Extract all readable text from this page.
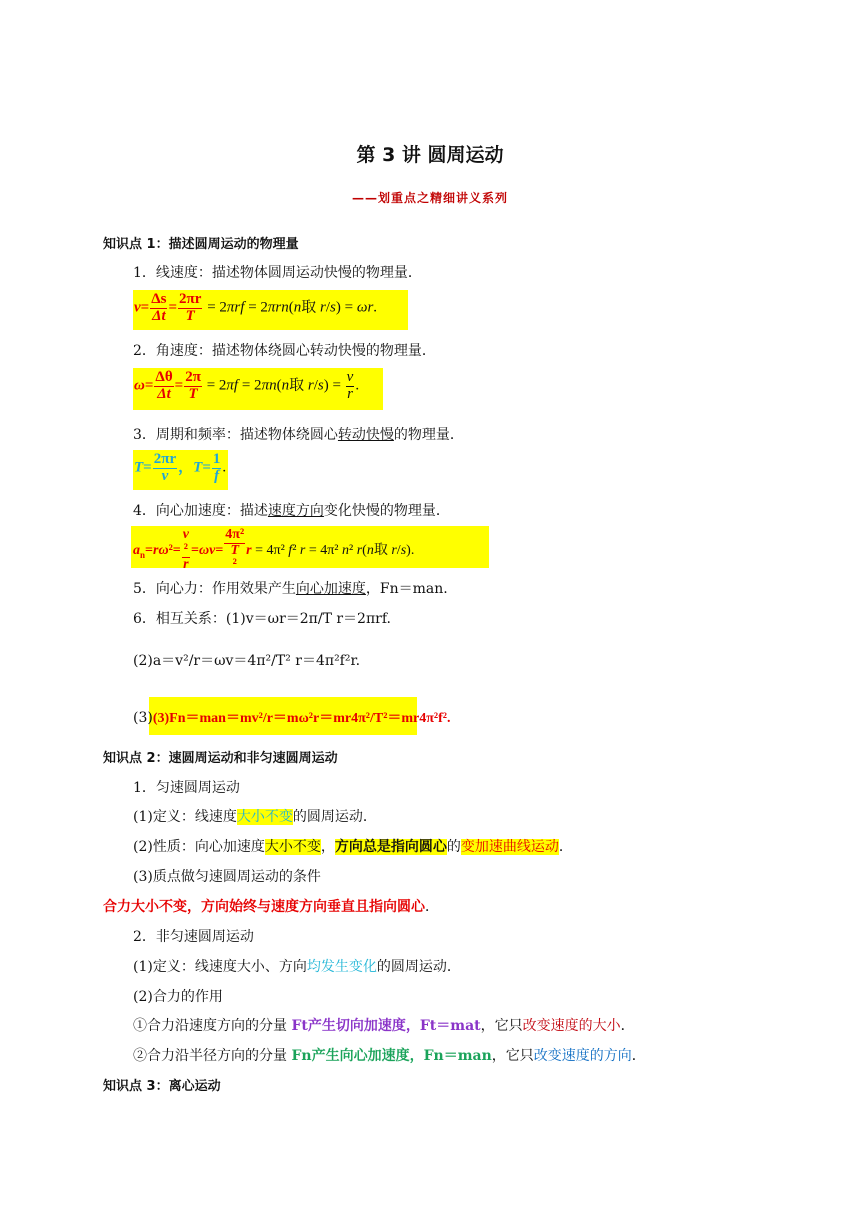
第 3 讲 圆周运动
——划重点之精细讲义系列
知识点 1：描述圆周运动的物理量
1．线速度：描述物体圆周运动快慢的物理量．
$v= \frac{\Delta s}{\Delta t} = \frac{2\pi r}{T} = 2\pi rf = 2\pi rn(n$取 r/s) = ωr.
2．角速度：描述物体绕圆心转动快慢的物理量．
$\omega= \frac{\Delta\theta}{\Delta t} = \frac{2\pi}{T} = 2\pi f = 2\pi n(n$取 $r/s) = \frac{v}{r}$ .
3．周期和频率：描述物体绕圆心转动快慢的物理量．
$T= \frac{2\pi r}{v}$ ，$T= \frac{1}{f}$ .
4．向心加速度：描述速度方向变化快慢的物理量．
$a_n=r\omega^2= v$
²
r =ωv= 4π²
T
² r = 4π² f² r = 4π² n² r(n取 r/s).
5．向心力：作用效果产生向心加速度，Fn＝man.
6．相互关系：(1)v＝ωr＝2π/T r＝2πrf.
(2)a＝v²/r＝ωv＝4π²/T² r＝4π²f²r.
(3)(3)Fn＝man＝mv²/r＝mω²r＝mr4π²/T²＝mr4π²f².
知识点 2：速圆周运动和非匀速圆周运动
1．匀速圆周运动
(1)定义：线速度大小不变的圆周运动．
(2)性质：向心加速度大小不变，方向总是指向圆心的变加速曲线运动．
(3)质点做匀速圆周运动的条件
合力大小不变，方向始终与速度方向垂直且指向圆心．
2．非匀速圆周运动
(1)定义：线速度大小、方向均发生变化的圆周运动．
(2)合力的作用
①合力沿速度方向的分量 Ft产生切向加速度，Ft＝mat，它只改变速度的大小．
②合力沿半径方向的分量 Fn产生向心加速度，Fn＝man，它只改变速度的方向．
知识点 3：离心运动
